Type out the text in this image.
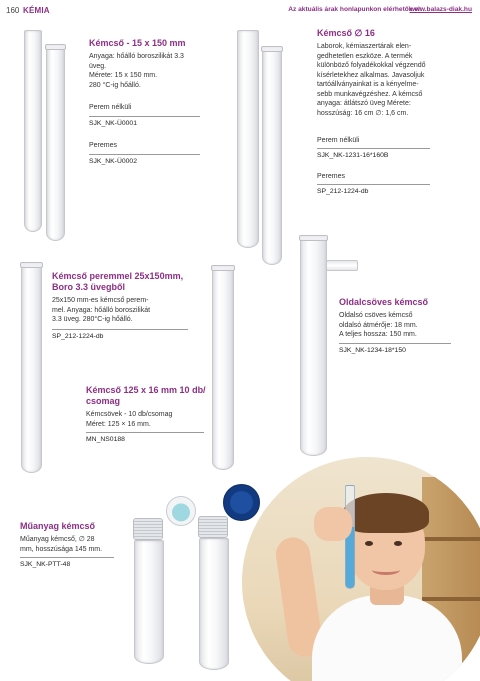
160 KÉMIA	Az aktuális árak honlapunkon elérhetők el:
www.balazs-diak.hu
Kémcső - 15 x 150 mm
Anyaga: hőálló boroszilikát 3.3
üveg.
Mérete: 15 x 150 mm.
280 °C-ig hőálló.
Perem nélküli
SJK_NK-Ü0001
Peremes
SJK_NK-Ü0002
Kémcső ∅ 16
Laborok, kémiaszertárak elen-
gedhetetlen eszköze. A termék
különböző folyadékokkal végzendő
kísérletekhez alkalmas. Javasoljuk
tartóállványainkat is a kényelme-
sebb munkavégzéshez. A kémcső
anyaga: átlátszó üveg Mérete:
hosszúság: 16 cm ∅: 1,6 cm.
Perem nélküli
SJK_NK-1231-16*160B
Peremes
SP_212-1224-db
Kémcső peremmel 25x150mm,
Boro 3.3 üvegből
25x150 mm-es kémcső perem-
mel. Anyaga: hőálló boroszilikát
3.3 üveg. 280°C-ig hőálló.
SP_212-1224-db
Kémcső 125 x 16 mm 10 db/
csomag
Kémcsövek - 10 db/csomag
Méret: 125 × 16 mm.
MN_NS0188
Oldalcsöves kémcső
Oldalsó csöves kémcső
oldalsó átmérője: 18 mm.
A teljes hossza: 150 mm.
SJK_NK-1234-18*150
Műanyag kémcső
Műanyag kémcső, ∅ 28
mm, hosszúsága 145 mm.
SJK_NK-PTT-48
